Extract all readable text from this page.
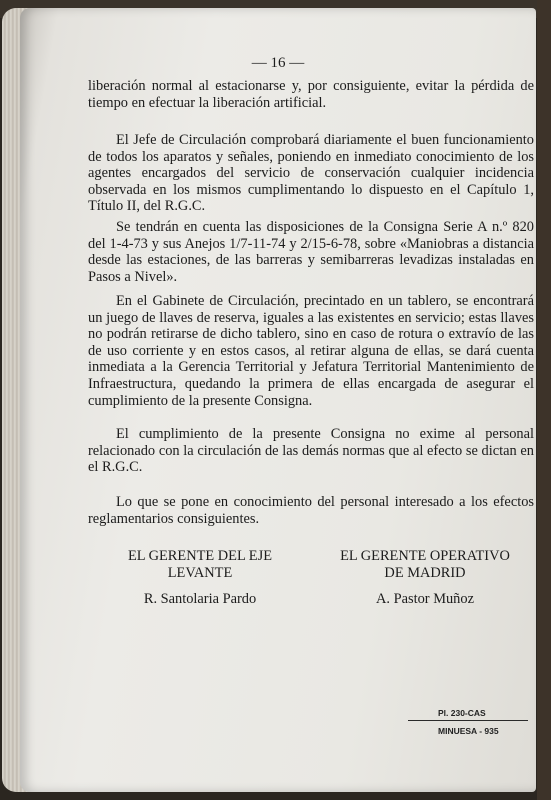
— 16 —

liberación normal al estacionarse y, por consiguiente, evitar la pérdida de tiempo en efectuar la liberación artificial.

El Jefe de Circulación comprobará diariamente el buen funcionamiento de todos los aparatos y señales, poniendo en inmediato conocimiento de los agentes encargados del servicio de conservación cualquier incidencia observada en los mismos cumplimentando lo dispuesto en el Capítulo 1, Título II, del R.G.C.

Se tendrán en cuenta las disposiciones de la Consigna Serie A n.º 820 del 1-4-73 y sus Anejos 1/7-11-74 y 2/15-6-78, sobre «Maniobras a distancia desde las estaciones, de las barreras y semibarreras levadizas instaladas en Pasos a Nivel».

En el Gabinete de Circulación, precintado en un tablero, se encontrará un juego de llaves de reserva, iguales a las existentes en servicio; estas llaves no podrán retirarse de dicho tablero, sino en caso de rotura o extravío de las de uso corriente y en estos casos, al retirar alguna de ellas, se dará cuenta inmediata a la Gerencia Territorial y Jefatura Territorial Mantenimiento de Infraestructura, quedando la primera de ellas encargada de asegurar el cumplimiento de la presente Consigna.

El cumplimiento de la presente Consigna no exime al personal relacionado con la circulación de las demás normas que al efecto se dictan en el R.G.C.

Lo que se pone en conocimiento del personal interesado a los efectos reglamentarios consiguientes.

EL GERENTE DEL EJE

LEVANTE

R. Santolaria Pardo

EL GERENTE OPERATIVO

DE MADRID

A. Pastor Muñoz

Pl. 230-CAS
MINUESA - 935
